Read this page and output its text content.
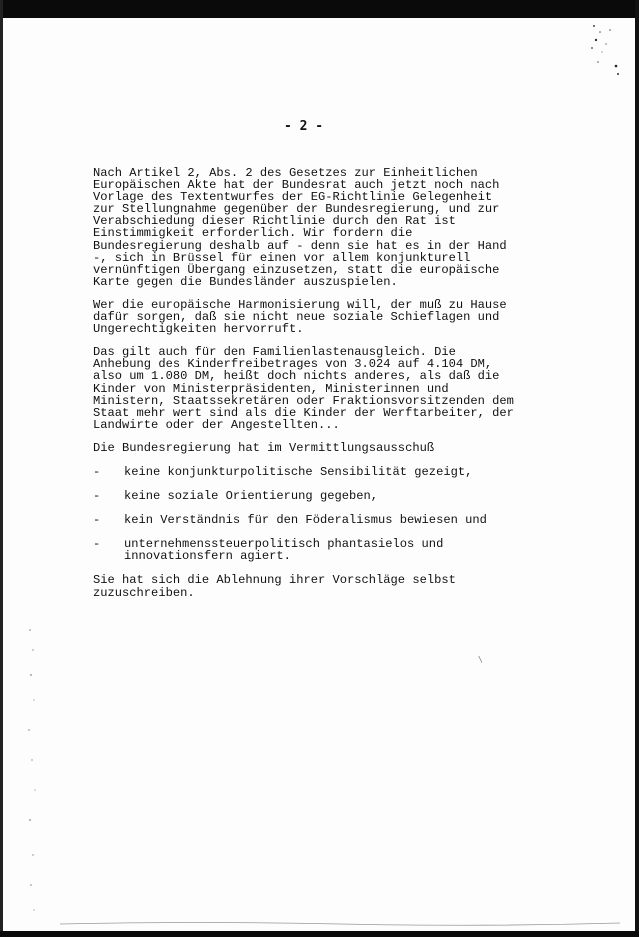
\
- 2 -

Nach Artikel 2, Abs. 2 des Gesetzes zur Einheitlichen
Europäischen Akte hat der Bundesrat auch jetzt noch nach
Vorlage des Textentwurfes der EG-Richtlinie Gelegenheit
zur Stellungnahme gegenüber der Bundesregierung, und zur
Verabschiedung dieser Richtlinie durch den Rat ist
Einstimmigkeit erforderlich. Wir fordern die
Bundesregierung deshalb auf - denn sie hat es in der Hand
-, sich in Brüssel für einen vor allem konjunkturell
vernünftigen Übergang einzusetzen, statt die europäische
Karte gegen die Bundesländer auszuspielen.

Wer die europäische Harmonisierung will, der muß zu Hause
dafür sorgen, daß sie nicht neue soziale Schieflagen und
Ungerechtigkeiten hervorruft.

Das gilt auch für den Familienlastenausgleich. Die
Anhebung des Kinderfreibetrages von 3.024 auf 4.104 DM,
also um 1.080 DM, heißt doch nichts anderes, als daß die
Kinder von Ministerpräsidenten, Ministerinnen und
Ministern, Staatssekretären oder Fraktionsvorsitzenden dem
Staat mehr wert sind als die Kinder der Werftarbeiter, der
Landwirte oder der Angestellten...

Die Bundesregierung hat im Vermittlungsausschuß

-	keine konjunkturpolitische Sensibilität gezeigt,
-	keine soziale Orientierung gegeben,
-	kein Verständnis für den Föderalismus bewiesen und
-	unternehmenssteuerpolitisch phantasielos und
innovationsfern agiert.

Sie hat sich die Ablehnung ihrer Vorschläge selbst
zuzuschreiben.
